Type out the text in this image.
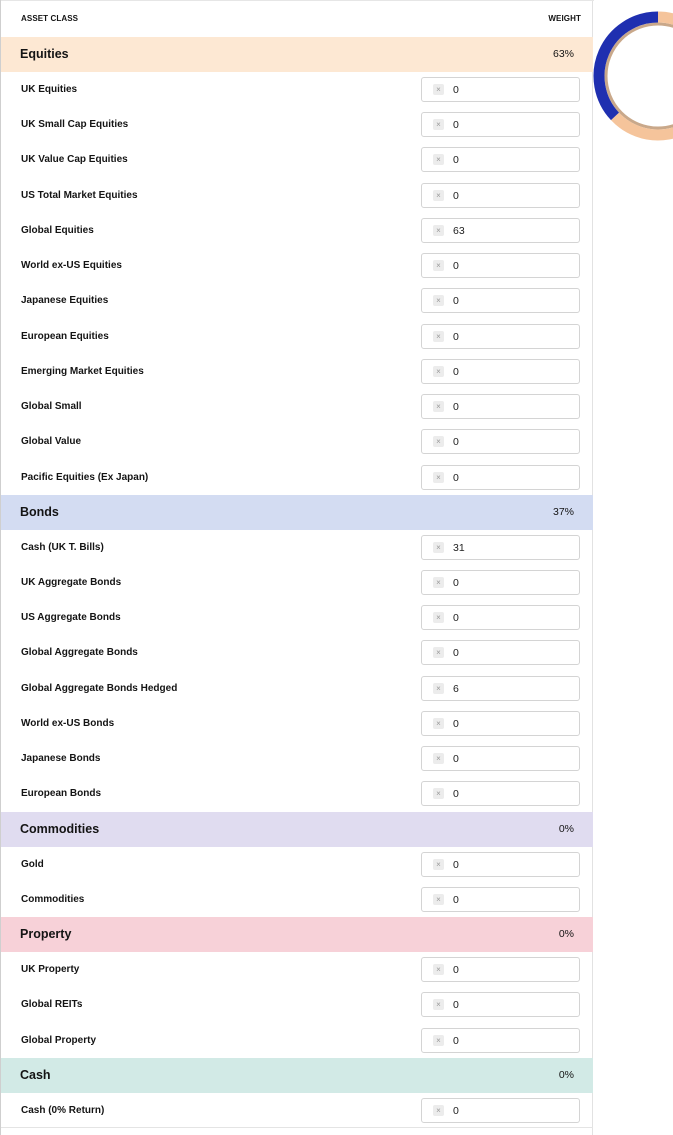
ASSET CLASS	WEIGHT
Equities	63%
UK Equities	×	0
UK Small Cap Equities	×	0
UK Value Cap Equities	×	0
US Total Market Equities	×	0
Global Equities	×	63
World ex-US Equities	×	0
Japanese Equities	×	0
European Equities	×	0
Emerging Market Equities	×	0
Global Small	×	0
Global Value	×	0
Pacific Equities (Ex Japan)	×	0
Bonds	37%
Cash (UK T. Bills)	×	31
UK Aggregate Bonds	×	0
US Aggregate Bonds	×	0
Global Aggregate Bonds	×	0
Global Aggregate Bonds Hedged	×	6
World ex-US Bonds	×	0
Japanese Bonds	×	0
European Bonds	×	0
Commodities	0%
Gold	×	0
Commodities	×	0
Property	0%
UK Property	×	0
Global REITs	×	0
Global Property	×	0
Cash	0%
Cash (0% Return)	×	0
